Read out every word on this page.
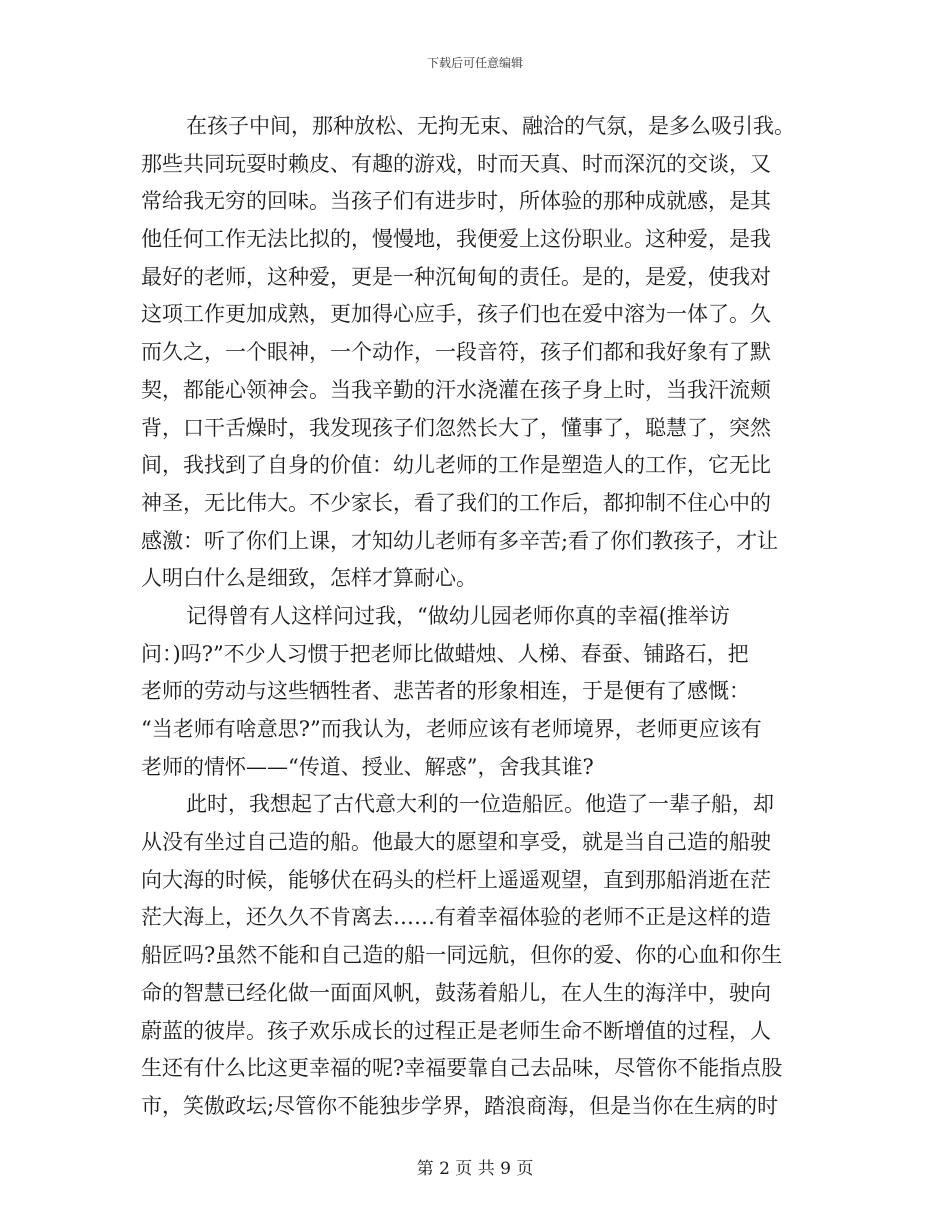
下载后可任意编辑
在孩子中间，那种放松、无拘无束、融洽的气氛，是多么吸引我。
那些共同玩耍时赖皮、有趣的游戏，时而天真、时而深沉的交谈，又
常给我无穷的回味。当孩子们有进步时，所体验的那种成就感，是其
他任何工作无法比拟的，慢慢地，我便爱上这份职业。这种爱，是我
最好的老师，这种爱，更是一种沉甸甸的责任。是的，是爱，使我对
这项工作更加成熟，更加得心应手，孩子们也在爱中溶为一体了。久
而久之，一个眼神，一个动作，一段音符，孩子们都和我好象有了默
契，都能心领神会。当我辛勤的汗水浇灌在孩子身上时，当我汗流颊
背，口干舌燥时，我发现孩子们忽然长大了，懂事了，聪慧了，突然
间，我找到了自身的价值：幼儿老师的工作是塑造人的工作，它无比
神圣，无比伟大。不少家长，看了我们的工作后，都抑制不住心中的
感激：听了你们上课，才知幼儿老师有多辛苦;看了你们教孩子，才让
人明白什么是细致，怎样才算耐心。
记得曾有人这样问过我，“做幼儿园老师你真的幸福(推举访
问：)吗?”不少人习惯于把老师比做蜡烛、人梯、春蚕、铺路石，把
老师的劳动与这些牺牲者、悲苦者的形象相连，于是便有了感慨：
“当老师有啥意思?”而我认为，老师应该有老师境界，老师更应该有
老师的情怀——“传道、授业、解惑”，舍我其谁?
此时，我想起了古代意大利的一位造船匠。他造了一辈子船，却
从没有坐过自己造的船。他最大的愿望和享受，就是当自己造的船驶
向大海的时候，能够伏在码头的栏杆上遥遥观望，直到那船消逝在茫
茫大海上，还久久不肯离去……有着幸福体验的老师不正是这样的造
船匠吗?虽然不能和自己造的船一同远航，但你的爱、你的心血和你生
命的智慧已经化做一面面风帆，鼓荡着船儿，在人生的海洋中，驶向
蔚蓝的彼岸。孩子欢乐成长的过程正是老师生命不断增值的过程，人
生还有什么比这更幸福的呢?幸福要靠自己去品味，尽管你不能指点股
市，笑傲政坛;尽管你不能独步学界，踏浪商海，但是当你在生病的时
第 2 页 共 9 页
